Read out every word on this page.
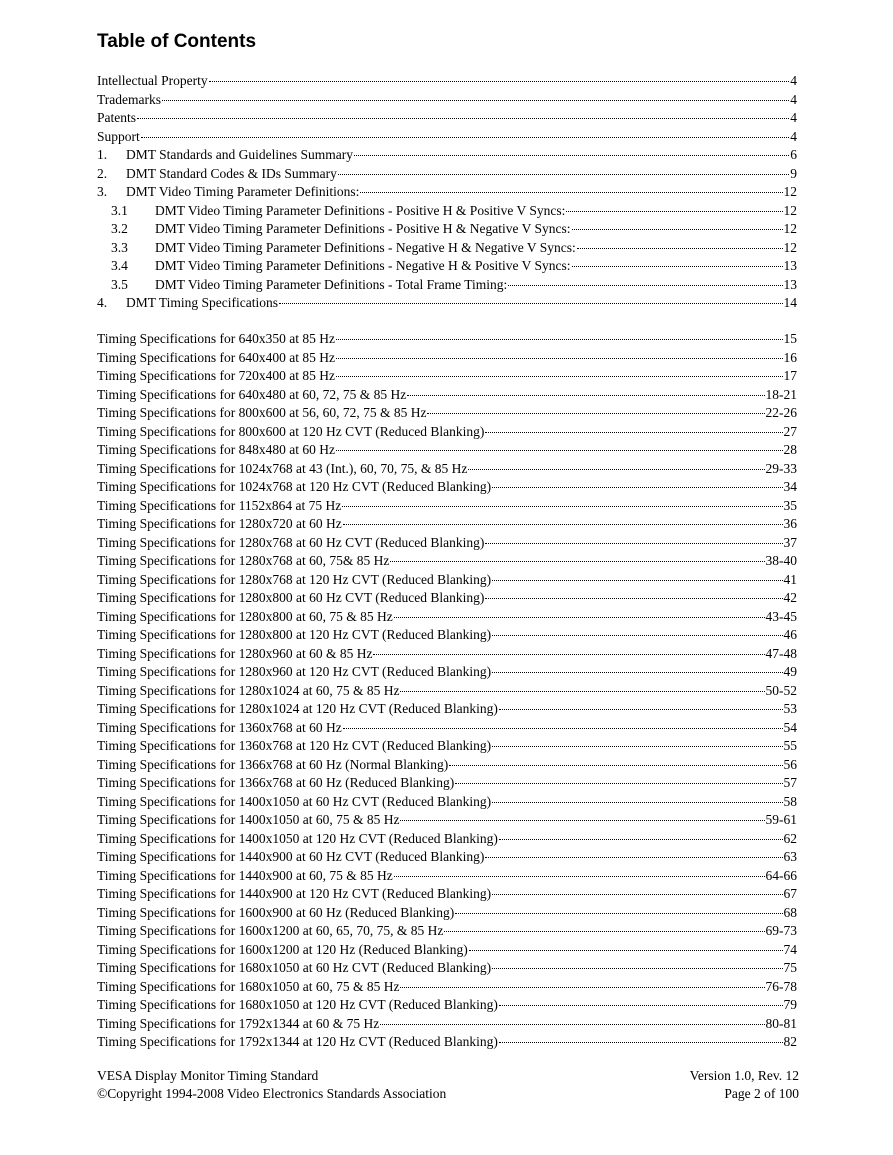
Table of Contents
Intellectual Property	4
Trademarks	4
Patents	4
Support	4
1.	DMT Standards and Guidelines Summary	6
2.	DMT Standard Codes & IDs Summary	9
3.	DMT Video Timing Parameter Definitions:	12
3.1	DMT Video Timing Parameter Definitions - Positive H & Positive V Syncs:	12
3.2	DMT Video Timing Parameter Definitions - Positive H & Negative V Syncs:	12
3.3	DMT Video Timing Parameter Definitions - Negative H & Negative V Syncs:	12
3.4	DMT Video Timing Parameter Definitions - Negative H & Positive V Syncs:	13
3.5	DMT Video Timing Parameter Definitions - Total Frame Timing:	13
4.	DMT Timing Specifications	14
Timing Specifications for 640x350 at 85 Hz	15
Timing Specifications for 640x400 at 85 Hz	16
Timing Specifications for 720x400 at 85 Hz	17
Timing Specifications for 640x480 at 60, 72, 75 & 85 Hz	18-21
Timing Specifications for 800x600 at 56, 60, 72, 75 & 85 Hz	22-26
Timing Specifications for 800x600 at 120 Hz CVT (Reduced Blanking)	27
Timing Specifications for 848x480 at 60 Hz	28
Timing Specifications for 1024x768 at 43 (Int.), 60, 70, 75, & 85 Hz	29-33
Timing Specifications for 1024x768 at 120 Hz CVT (Reduced Blanking)	34
Timing Specifications for 1152x864 at 75 Hz	35
Timing Specifications for 1280x720 at 60 Hz	36
Timing Specifications for 1280x768 at 60 Hz CVT (Reduced Blanking)	37
Timing Specifications for 1280x768 at 60, 75& 85 Hz	38-40
Timing Specifications for 1280x768 at 120 Hz CVT (Reduced Blanking)	41
Timing Specifications for 1280x800 at 60 Hz CVT (Reduced Blanking)	42
Timing Specifications for 1280x800 at 60, 75 & 85 Hz	43-45
Timing Specifications for 1280x800 at 120 Hz CVT (Reduced Blanking)	46
Timing Specifications for 1280x960 at 60 & 85 Hz	47-48
Timing Specifications for 1280x960 at 120 Hz CVT (Reduced Blanking)	49
Timing Specifications for 1280x1024 at 60, 75 & 85 Hz	50-52
Timing Specifications for 1280x1024 at 120 Hz CVT (Reduced Blanking)	53
Timing Specifications for 1360x768 at 60 Hz	54
Timing Specifications for 1360x768 at 120 Hz CVT (Reduced Blanking)	55
Timing Specifications for 1366x768 at 60 Hz (Normal Blanking)	56
Timing Specifications for 1366x768 at 60 Hz (Reduced Blanking)	57
Timing Specifications for 1400x1050 at 60 Hz CVT (Reduced Blanking)	58
Timing Specifications for 1400x1050 at 60, 75 & 85 Hz	59-61
Timing Specifications for 1400x1050 at 120 Hz CVT (Reduced Blanking)	62
Timing Specifications for 1440x900 at 60 Hz CVT (Reduced Blanking)	63
Timing Specifications for 1440x900 at 60, 75 & 85 Hz	64-66
Timing Specifications for 1440x900 at 120 Hz CVT (Reduced Blanking)	67
Timing Specifications for 1600x900 at 60 Hz (Reduced Blanking)	68
Timing Specifications for 1600x1200 at 60, 65, 70, 75, & 85 Hz	69-73
Timing Specifications for 1600x1200 at 120 Hz (Reduced Blanking)	74
Timing Specifications for 1680x1050 at 60 Hz CVT (Reduced Blanking)	75
Timing Specifications for 1680x1050 at 60, 75 & 85 Hz	76-78
Timing Specifications for 1680x1050 at 120 Hz CVT (Reduced Blanking)	79
Timing Specifications for 1792x1344 at 60 & 75 Hz	80-81
Timing Specifications for 1792x1344 at 120 Hz CVT (Reduced Blanking)	82
VESA Display Monitor Timing Standard	Version 1.0, Rev. 12
©Copyright 1994-2008 Video Electronics Standards Association	Page 2 of 100
